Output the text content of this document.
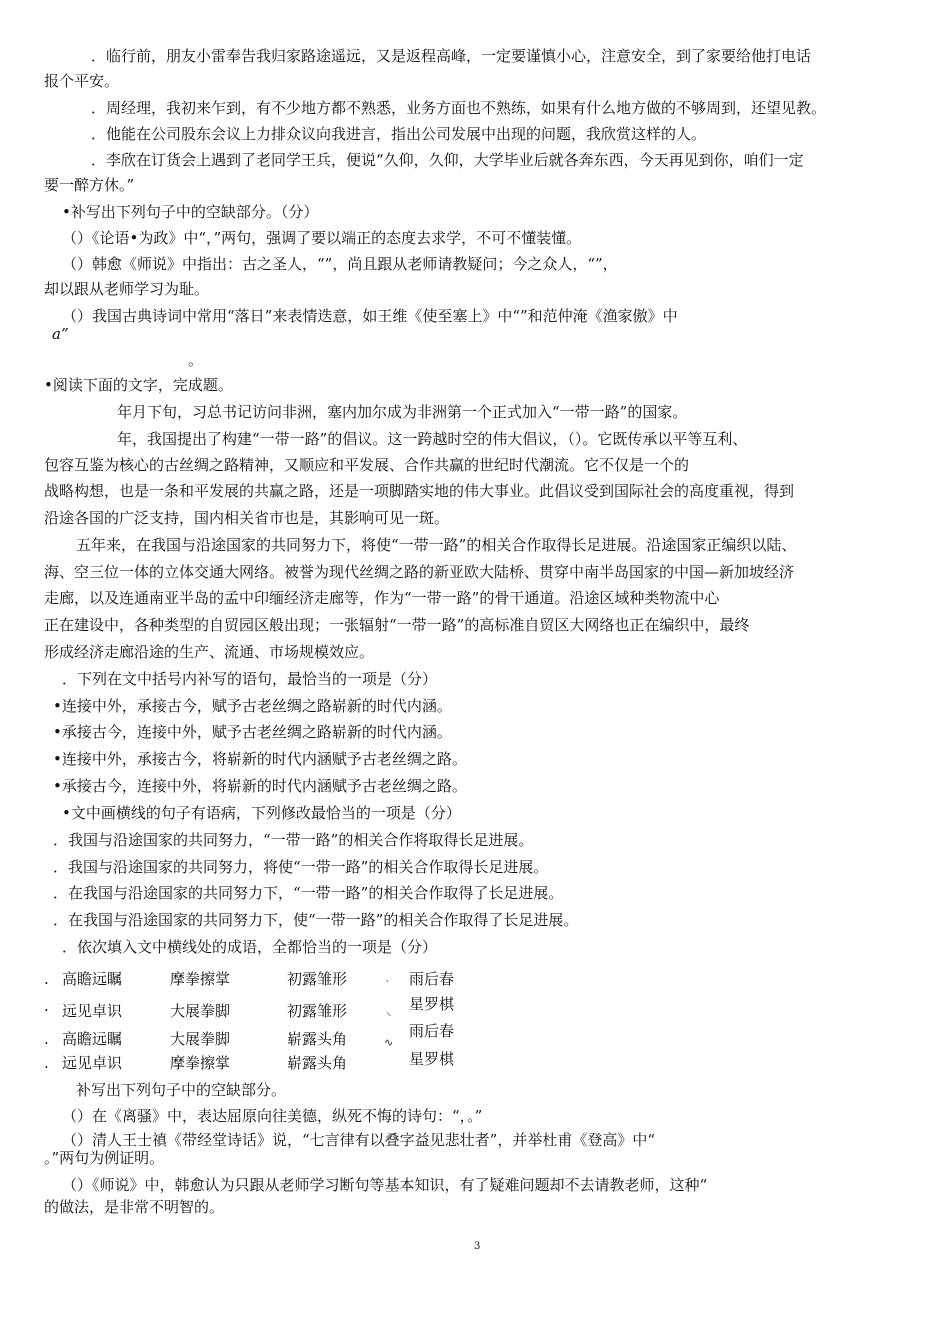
．临行前，朋友小雷奉告我归家路途遥远，又是返程高峰，一定要谨慎小心，注意安全，到了家要给他打电话
报个平安。
．周经理，我初来乍到，有不少地方都不熟悉，业务方面也不熟练，如果有什么地方做的不够周到，还望见教。
．他能在公司股东会议上力排众议向我进言，指出公司发展中出现的问题，我欣赏这样的人。
．李欣在订货会上遇到了老同学王兵，便说“久仰，久仰，大学毕业后就各奔东西，今天再见到你，咱们一定
要一醉方休。”
•补写出下列句子中的空缺部分。（分）
（）《论语•为政》中“，”两句，强调了要以端正的态度去求学，不可不懂装懂。
（）韩愈《师说》中指出：古之圣人，“”，尚且跟从老师请教疑问；今之众人，“”，
却以跟从老师学习为耻。
（）我国古典诗词中常用“落日”来表情迭意，如王维《使至塞上》中“”和范仲淹《渔家傲》中
a”
。
•阅读下面的文字，完成题。
年月下旬，习总书记访问非洲，塞内加尔成为非洲第一个正式加入“一带一路”的国家。
年，我国提出了构建“一带一路”的倡议。这一跨越时空的伟大倡议，（）。它既传承以平等互利、
包容互鉴为核心的古丝绸之路精神，又顺应和平发展、合作共赢的世纪时代潮流。它不仅是一个的
战略构想，也是一条和平发展的共赢之路，还是一项脚踏实地的伟大事业。此倡议受到国际社会的高度重视，得到
沿途各国的广泛支持，国内相关省市也是，其影响可见一斑。
五年来，在我国与沿途国家的共同努力下，将使“一带一路”的相关合作取得长足进展。沿途国家正编织以陆、
海、空三位一体的立体交通大网络。被誉为现代丝绸之路的新亚欧大陆桥、贯穿中南半岛国家的中国—新加坡经济
走廊，以及连通南亚半岛的孟中印缅经济走廊等，作为“一带一路”的骨干通道。沿途区域种类物流中心
正在建设中，各种类型的自贸园区般出现；一张辐射“一带一路”的高标准自贸区大网络也正在编织中，最终
形成经济走廊沿途的生产、流通、市场规模效应。
．下列在文中括号内补写的语句，最恰当的一项是（分）
•连接中外，承接古今，赋予古老丝绸之路崭新的时代内涵。
•承接古今，连接中外，赋予古老丝绸之路崭新的时代内涵。
•连接中外，承接古今，将崭新的时代内涵赋予古老丝绸之路。
•承接古今，连接中外，将崭新的时代内涵赋予古老丝绸之路。
•文中画横线的句子有语病，下列修改最恰当的一项是（分）
．我国与沿途国家的共同努力，“一带一路”的相关合作将取得长足进展。
．我国与沿途国家的共同努力，将使“一带一路”的相关合作取得长足进展。
．在我国与沿途国家的共同努力下，“一带一路”的相关合作取得了长足进展。
．在我国与沿途国家的共同努力下，使“一带一路”的相关合作取得了长足进展。
．依次填入文中横线处的成语，全都恰当的一项是（分）
. 高瞻远瞩	摩拳擦掌	初露雏形	雨后春
. 远见卓识	大展拳脚	初露雏形	星罗棋
. 高瞻远瞩	大展拳脚	崭露头角	雨后春
. 远见卓识	摩拳擦掌	崭露头角	星罗棋
‵
⸌
∿
补写出下列句子中的空缺部分。
（）在《离骚》中，表达屈原向往美德，纵死不悔的诗句：“，。”
（）清人王士禛《带经堂诗话》说，“七言律有以叠字益见悲壮者”，并举杜甫《登高》中“
。”两句为例证明。
（）《师说》中，韩愈认为只跟从老师学习断句等基本知识，有了疑难问题却不去请教老师，这种“
的做法，是非常不明智的。
3
